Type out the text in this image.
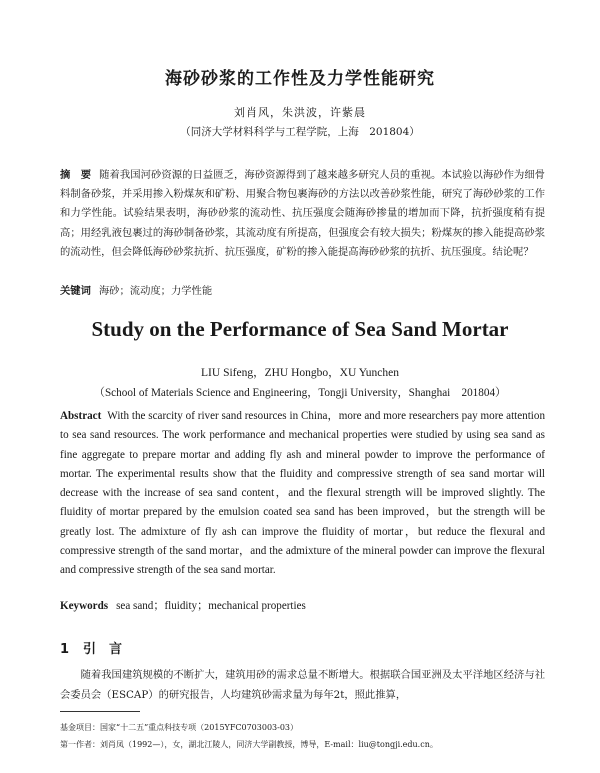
海砂砂浆的工作性及力学性能研究
刘肖风，朱洪波，许紫晨
（同济大学材料科学与工程学院，上海　201804）
摘　要 随着我国河砂资源的日益匮乏，海砂资源得到了越来越多研究人员的重视。本试验以海砂作为细骨料制备砂浆，并采用掺入粉煤灰和矿粉、用聚合物包裹海砂的方法以改善砂浆性能，研究了海砂砂浆的工作和力学性能。试验结果表明，海砂砂浆的流动性、抗压强度会随海砂掺量的增加而下降，抗折强度稍有提高；用经乳液包裹过的海砂制备砂浆，其流动度有所提高，但强度会有较大损失；粉煤灰的掺入能提高砂浆的流动性，但会降低海砂砂浆抗折、抗压强度，矿粉的掺入能提高海砂砂浆的抗折、抗压强度。结论呢？
关键词 海砂；流动度；力学性能
Study on the Performance of Sea Sand Mortar
LIU Sifeng，ZHU Hongbo，XU Yunchen
（School of Materials Science and Engineering，Tongji University，Shanghai　201804）
Abstract With the scarcity of river sand resources in China，more and more researchers pay more attention to sea sand resources. The work performance and mechanical properties were studied by using sea sand as fine aggregate to prepare mortar and adding fly ash and mineral powder to improve the performance of mortar. The experimental results show that the fluidity and compressive strength of sea sand mortar will decrease with the increase of sea sand content，and the flexural strength will be improved slightly. The fluidity of mortar prepared by the emulsion coated sea sand has been improved，but the strength will be greatly lost. The admixture of fly ash can improve the fluidity of mortar，but reduce the flexural and compressive strength of the sand mortar，and the admixture of the mineral powder can improve the flexural and compressive strength of the sea sand mortar.
Keywords sea sand；fluidity；mechanical properties
1 引　言
随着我国建筑规模的不断扩大，建筑用砂的需求总量不断增大。根据联合国亚洲及太平洋地区经济与社会委员会（ESCAP）的研究报告，人均建筑砂需求量为每年2t，照此推算，
基金项目：国家“十二五”重点科技专项（2015YFC0703003-03）
第一作者：刘肖凤（1992—），女，湖北江陵人，同济大学副教授，博导，E-mail：liu@tongji.edu.cn。
